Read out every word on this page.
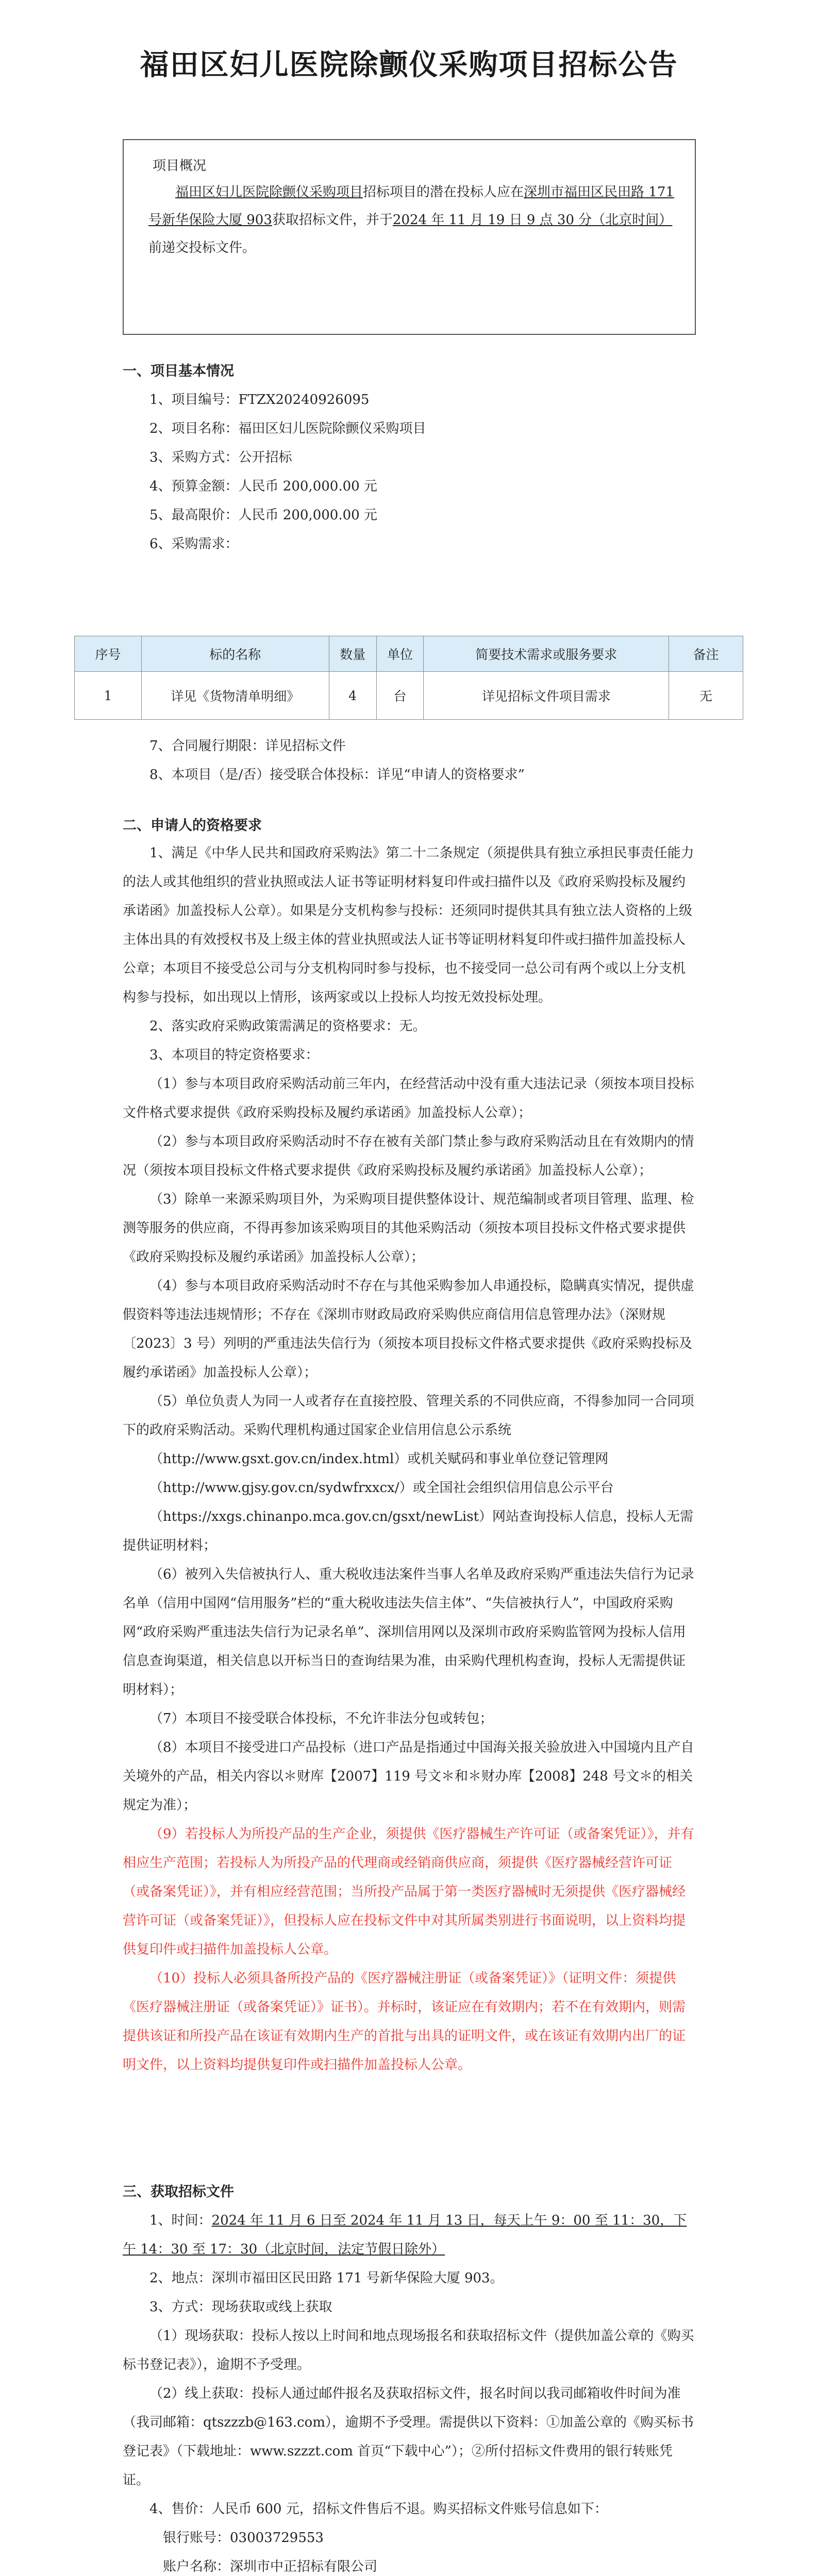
福田区妇儿医院除颤仪采购项目招标公告
项目概况
福田区妇儿医院除颤仪采购项目招标项目的潜在投标人应在深圳市福田区民田路 171 号新华保险大厦 903获取招标文件，并于2024 年 11 月 19 日 9 点 30 分（北京时间）前递交投标文件。
一、项目基本情况
1、项目编号：FTZX20240926095
2、项目名称：福田区妇儿医院除颤仪采购项目
3、采购方式：公开招标
4、预算金额：人民币 200,000.00 元
5、最高限价：人民币 200,000.00 元
6、采购需求：
序号	标的名称	数量	单位	简要技术需求或服务要求	备注
1	详见《货物清单明细》	4	台	详见招标文件项目需求	无
7、合同履行期限：详见招标文件
8、本项目（是/否）接受联合体投标：详见“申请人的资格要求”
二、申请人的资格要求
1、满足《中华人民共和国政府采购法》第二十二条规定（须提供具有独立承担民事责任能力的法人或其他组织的营业执照或法人证书等证明材料复印件或扫描件以及《政府采购投标及履约承诺函》加盖投标人公章）。如果是分支机构参与投标：还须同时提供其具有独立法人资格的上级主体出具的有效授权书及上级主体的营业执照或法人证书等证明材料复印件或扫描件加盖投标人公章；本项目不接受总公司与分支机构同时参与投标，也不接受同一总公司有两个或以上分支机构参与投标，如出现以上情形，该两家或以上投标人均按无效投标处理。
2、落实政府采购政策需满足的资格要求：无。
3、本项目的特定资格要求：
（1）参与本项目政府采购活动前三年内，在经营活动中没有重大违法记录（须按本项目投标文件格式要求提供《政府采购投标及履约承诺函》加盖投标人公章）；
（2）参与本项目政府采购活动时不存在被有关部门禁止参与政府采购活动且在有效期内的情况（须按本项目投标文件格式要求提供《政府采购投标及履约承诺函》加盖投标人公章）；
（3）除单一来源采购项目外，为采购项目提供整体设计、规范编制或者项目管理、监理、检测等服务的供应商，不得再参加该采购项目的其他采购活动（须按本项目投标文件格式要求提供《政府采购投标及履约承诺函》加盖投标人公章）；
（4）参与本项目政府采购活动时不存在与其他采购参加人串通投标，隐瞒真实情况，提供虚假资料等违法违规情形；不存在《深圳市财政局政府采购供应商信用信息管理办法》（深财规〔2023〕3 号）列明的严重违法失信行为（须按本项目投标文件格式要求提供《政府采购投标及履约承诺函》加盖投标人公章）；
（5）单位负责人为同一人或者存在直接控股、管理关系的不同供应商，不得参加同一合同项下的政府采购活动。采购代理机构通过国家企业信用信息公示系统
（http://www.gsxt.gov.cn/index.html）或机关赋码和事业单位登记管理网
（http://www.gjsy.gov.cn/sydwfrxxcx/）或全国社会组织信用信息公示平台
（https://xxgs.chinanpo.mca.gov.cn/gsxt/newList）网站查询投标人信息，投标人无需提供证明材料；
（6）被列入失信被执行人、重大税收违法案件当事人名单及政府采购严重违法失信行为记录名单（信用中国网“信用服务”栏的“重大税收违法失信主体”、“失信被执行人”，中国政府采购网“政府采购严重违法失信行为记录名单”、深圳信用网以及深圳市政府采购监管网为投标人信用信息查询渠道，相关信息以开标当日的查询结果为准，由采购代理机构查询，投标人无需提供证明材料）；
（7）本项目不接受联合体投标，不允许非法分包或转包；
（8）本项目不接受进口产品投标（进口产品是指通过中国海关报关验放进入中国境内且产自关境外的产品，相关内容以＊财库【2007】119 号文＊和＊财办库【2008】248 号文＊的相关规定为准）；
（9）若投标人为所投产品的生产企业，须提供《医疗器械生产许可证（或备案凭证）》，并有相应生产范围；若投标人为所投产品的代理商或经销商供应商，须提供《医疗器械经营许可证（或备案凭证）》，并有相应经营范围；当所投产品属于第一类医疗器械时无须提供《医疗器械经营许可证（或备案凭证）》，但投标人应在投标文件中对其所属类别进行书面说明，以上资料均提供复印件或扫描件加盖投标人公章。
（10）投标人必须具备所投产品的《医疗器械注册证（或备案凭证）》（证明文件：须提供《医疗器械注册证（或备案凭证）》证书）。并标时，该证应在有效期内；若不在有效期内，则需提供该证和所投产品在该证有效期内生产的首批与出具的证明文件，或在该证有效期内出厂的证明文件，以上资料均提供复印件或扫描件加盖投标人公章。
三、获取招标文件
1、时间：2024 年 11 月 6 日至 2024 年 11 月 13 日，每天上午 9：00 至 11：30，下午 14：30 至 17：30（北京时间，法定节假日除外）
2、地点：深圳市福田区民田路 171 号新华保险大厦 903。
3、方式：现场获取或线上获取
（1）现场获取：投标人按以上时间和地点现场报名和获取招标文件（提供加盖公章的《购买标书登记表》），逾期不予受理。
（2）线上获取：投标人通过邮件报名及获取招标文件，报名时间以我司邮箱收件时间为准（我司邮箱：qtszzzb@163.com），逾期不予受理。需提供以下资料：①加盖公章的《购买标书登记表》（下载地址：www.szzzt.com 首页“下载中心”）；②所付招标文件费用的银行转账凭证。
4、售价：人民币 600 元，招标文件售后不退。购买招标文件账号信息如下：
银行账号：03003729553
账户名称：深圳市中正招标有限公司
